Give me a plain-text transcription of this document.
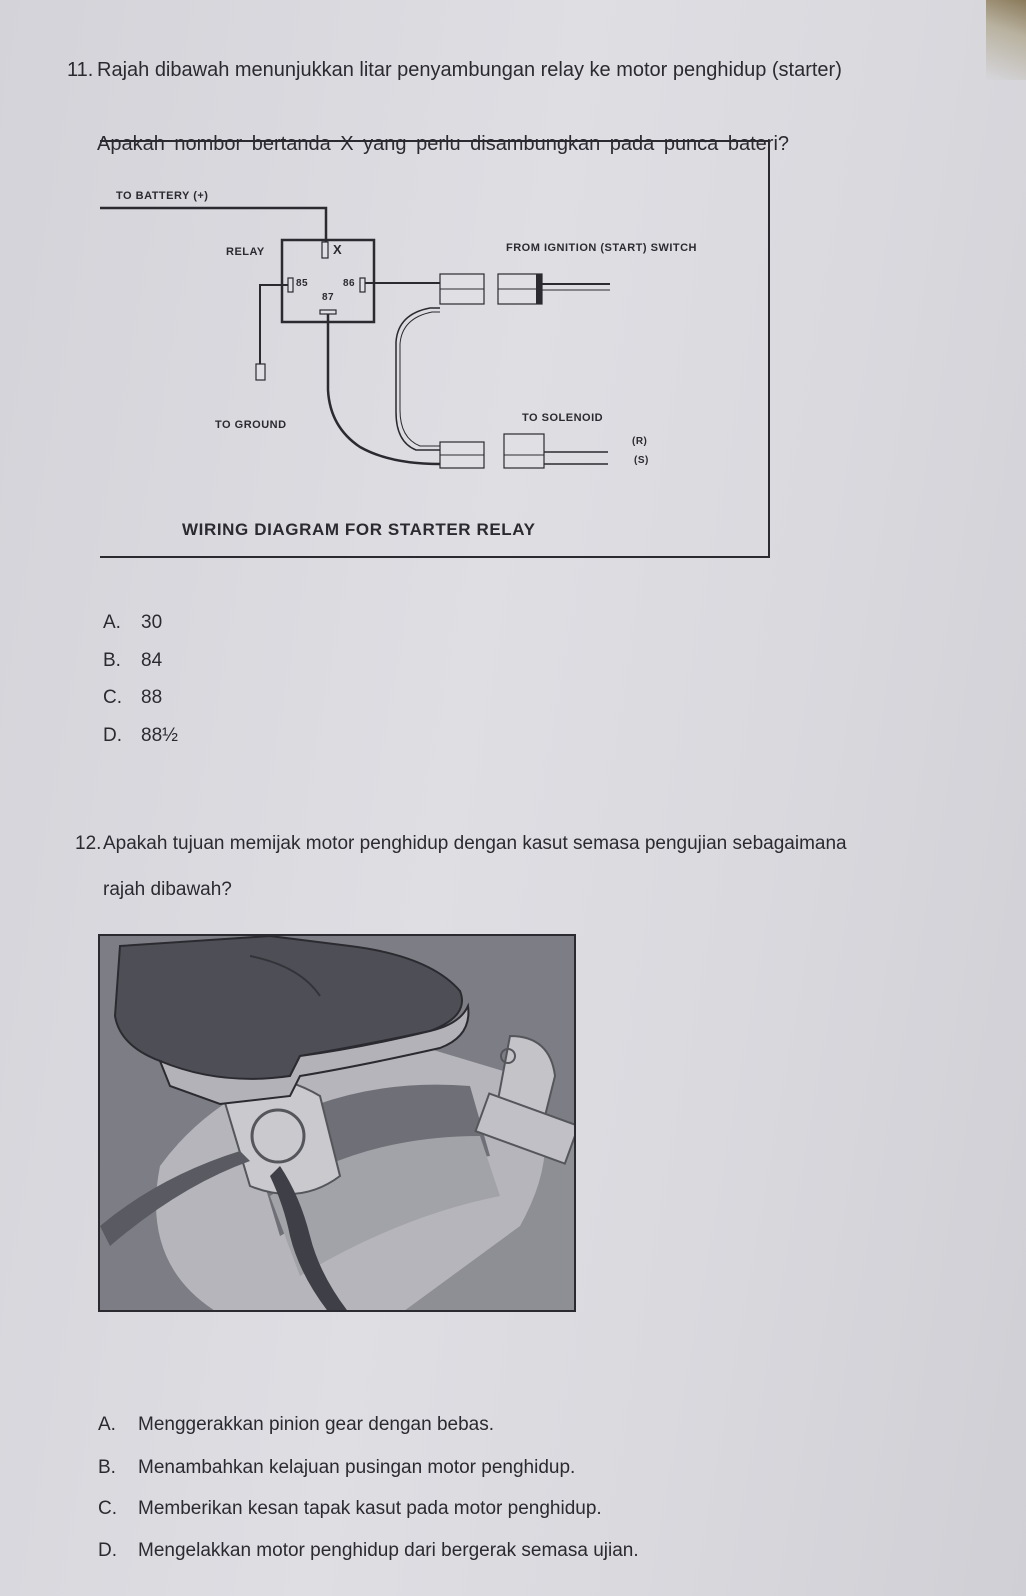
11. Rajah dibawah menunjukkan litar penyambungan relay ke motor penghidup (starter)
Apakah nombor bertanda X yang perlu disambungkan pada punca bateri?
TO BATTERY (+)
RELAY	X
85	86
87
FROM IGNITION (START) SWITCH
TO GROUND
TO SOLENOID
(R)
(S)
WIRING DIAGRAM FOR STARTER RELAY
A. 30
B. 84
C. 88
D. 88½
12.Apakah tujuan memijak motor penghidup dengan kasut semasa pengujian sebagaimana
rajah dibawah?
A. Menggerakkan pinion gear dengan bebas.
B. Menambahkan kelajuan pusingan motor penghidup.
C. Memberikan kesan tapak kasut pada motor penghidup.
D. Mengelakkan motor penghidup dari bergerak semasa ujian.
